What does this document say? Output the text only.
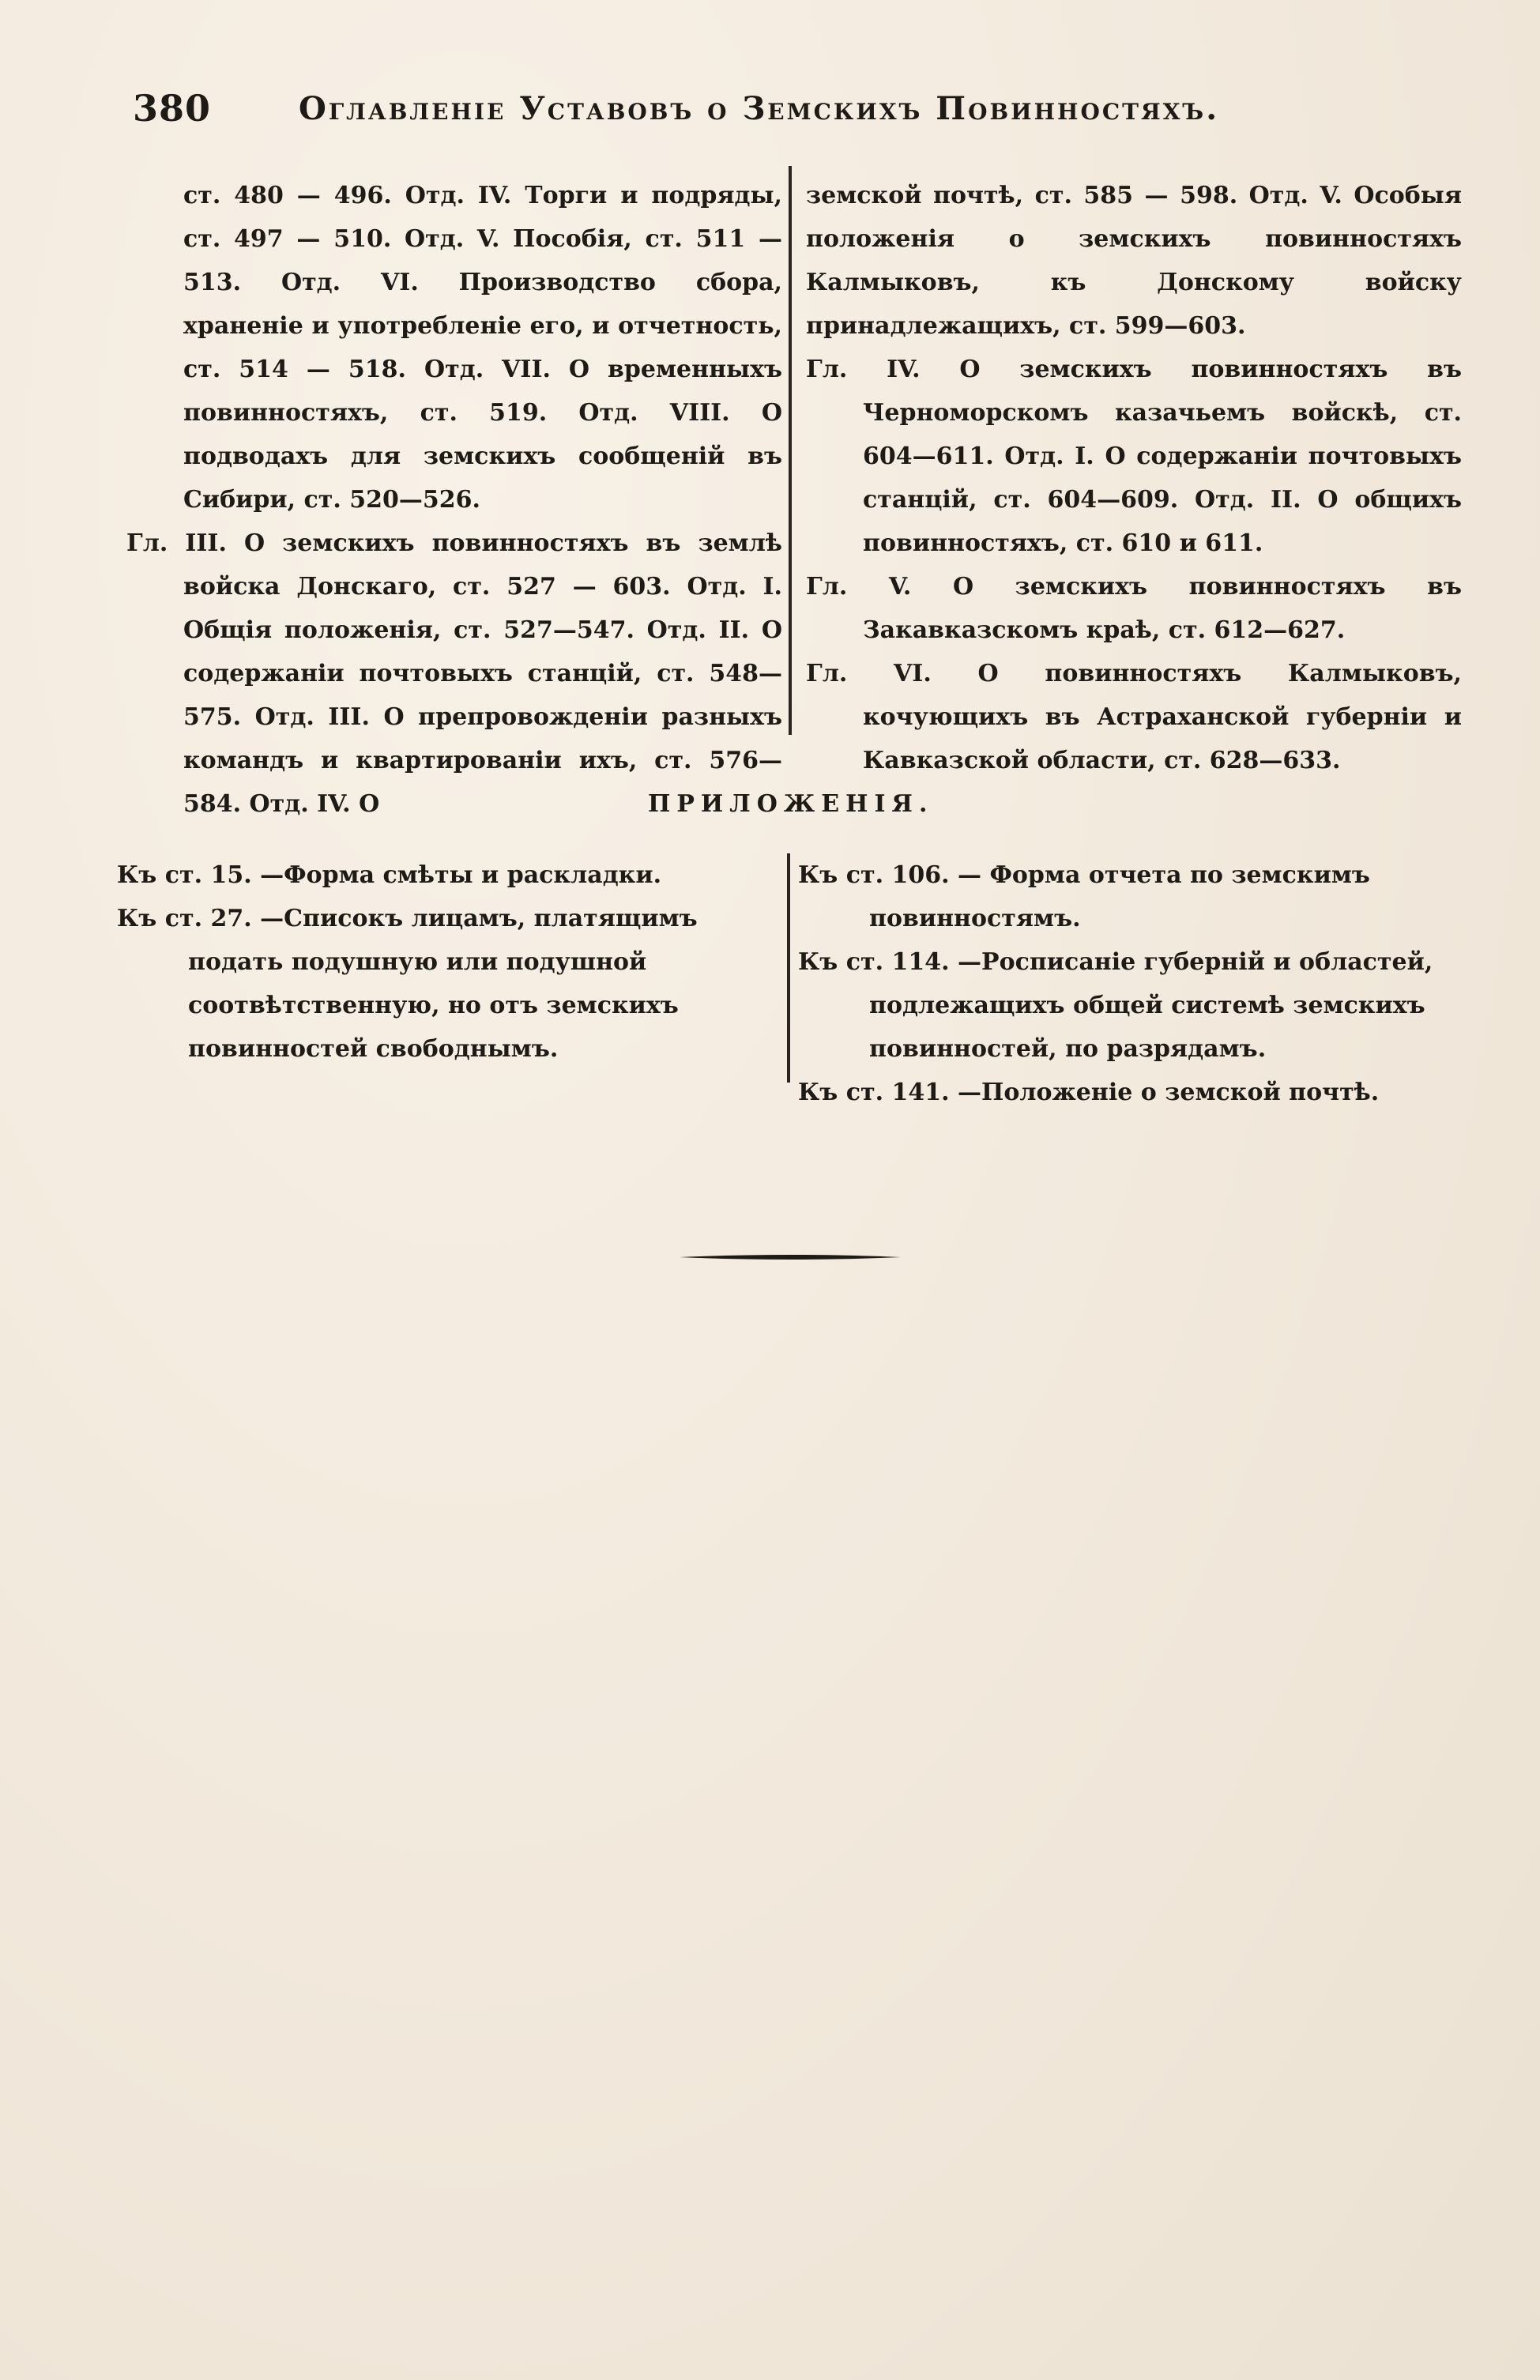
380	Оглавленiе Уставовъ о Земскихъ Повинностяхъ.

ст. 480 — 496. Отд. IV. Торги и подряды, ст. 497 — 510. Отд. V. Пособія, ст. 511 — 513. Отд. VI. Производство сбора, храненіе и употребленіе его, и отчетность, ст. 514 — 518. Отд. VII. О временныхъ повинностяхъ, ст. 519. Отд. VIII. О подводахъ для земскихъ сообщеній въ Сибири, ст. 520—526.

Гл. III. О земскихъ повинностяхъ въ землѣ войска Донскаго, ст. 527 — 603. Отд. I. Общія положенія, ст. 527—547. Отд. II. О содержаніи почтовыхъ станцій, ст. 548—575. Отд. III. О препровожденіи разныхъ командъ и квартированіи ихъ, ст. 576—584. Отд. IV. О

земской почтѣ, ст. 585 — 598. Отд. V. Особыя положенія о земскихъ повинностяхъ Калмыковъ, къ Донскому войску принадлежащихъ, ст. 599—603.

Гл. IV. О земскихъ повинностяхъ въ Черноморскомъ казачьемъ войскѣ, ст. 604—611. Отд. I. О содержаніи почтовыхъ станцій, ст. 604—609. Отд. II. О общихъ повинностяхъ, ст. 610 и 611.

Гл. V. О земскихъ повинностяхъ въ Закавказскомъ краѣ, ст. 612—627.

Гл. VI. О повинностяхъ Калмыковъ, кочующихъ въ Астраханской губерніи и Кавказской области, ст. 628—633.

ПРИЛОЖЕНІЯ.

Къ ст. 15. —Форма смѣты и раскладки.

Къ ст. 27. —Списокъ лицамъ, платящимъ подать подушную или подушной соотвѣтственную, но отъ земскихъ повинностей свободнымъ.

Къ ст. 106. — Форма отчета по земскимъ повинностямъ.

Къ ст. 114. —Росписаніе губерній и областей, подлежащихъ общей системѣ земскихъ повинностей, по разрядамъ.

Къ ст. 141. —Положеніе о земской почтѣ.
